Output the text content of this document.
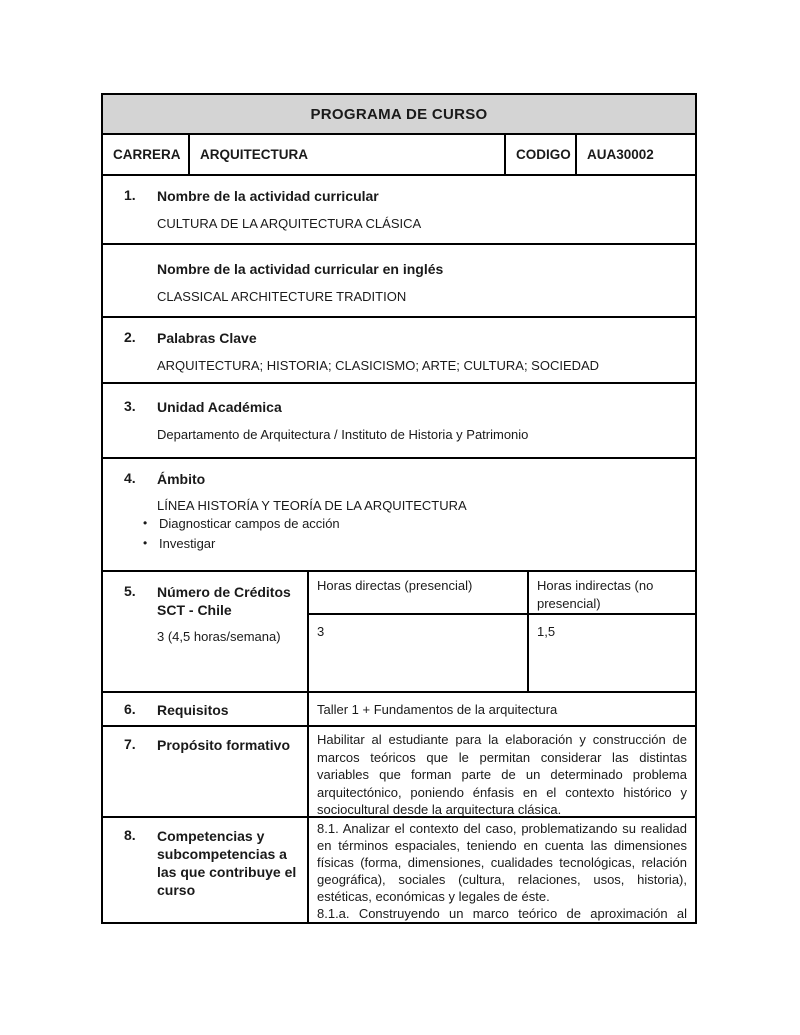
PROGRAMA DE CURSO
CARRERA	ARQUITECTURA	CODIGO	AUA30002
1.	Nombre de la actividad curricular
CULTURA DE LA ARQUITECTURA CLÁSICA
Nombre de la actividad curricular en inglés
CLASSICAL ARCHITECTURE TRADITION
2.	Palabras Clave
ARQUITECTURA; HISTORIA; CLASICISMO; ARTE; CULTURA; SOCIEDAD
3.	Unidad Académica
Departamento de Arquitectura / Instituto de Historia y Patrimonio
4.	Ámbito
LÍNEA HISTORÍA Y TEORÍA DE LA ARQUITECTURA
• Diagnosticar campos de acción
• Investigar
5.	Número de Créditos SCT - Chile
3 (4,5 horas/semana)
Horas directas (presencial)	Horas indirectas (no presencial)
3	1,5
6.	Requisitos	Taller 1 + Fundamentos de la arquitectura
7.	Propósito formativo	Habilitar al estudiante para la elaboración y construcción de marcos teóricos que le permitan considerar las distintas variables que forman parte de un determinado problema arquitectónico, poniendo énfasis en el contexto histórico y sociocultural desde la arquitectura clásica.
8.	Competencias y subcompetencias a las que contribuye el curso
8.1. Analizar el contexto del caso, problematizando su realidad en términos espaciales, teniendo en cuenta las dimensiones físicas (forma, dimensiones, cualidades tecnológicas, relación geográfica), sociales (cultura, relaciones, usos, historia), estéticas, económicas y legales de éste.
8.1.a. Construyendo un marco teórico de aproximación al
